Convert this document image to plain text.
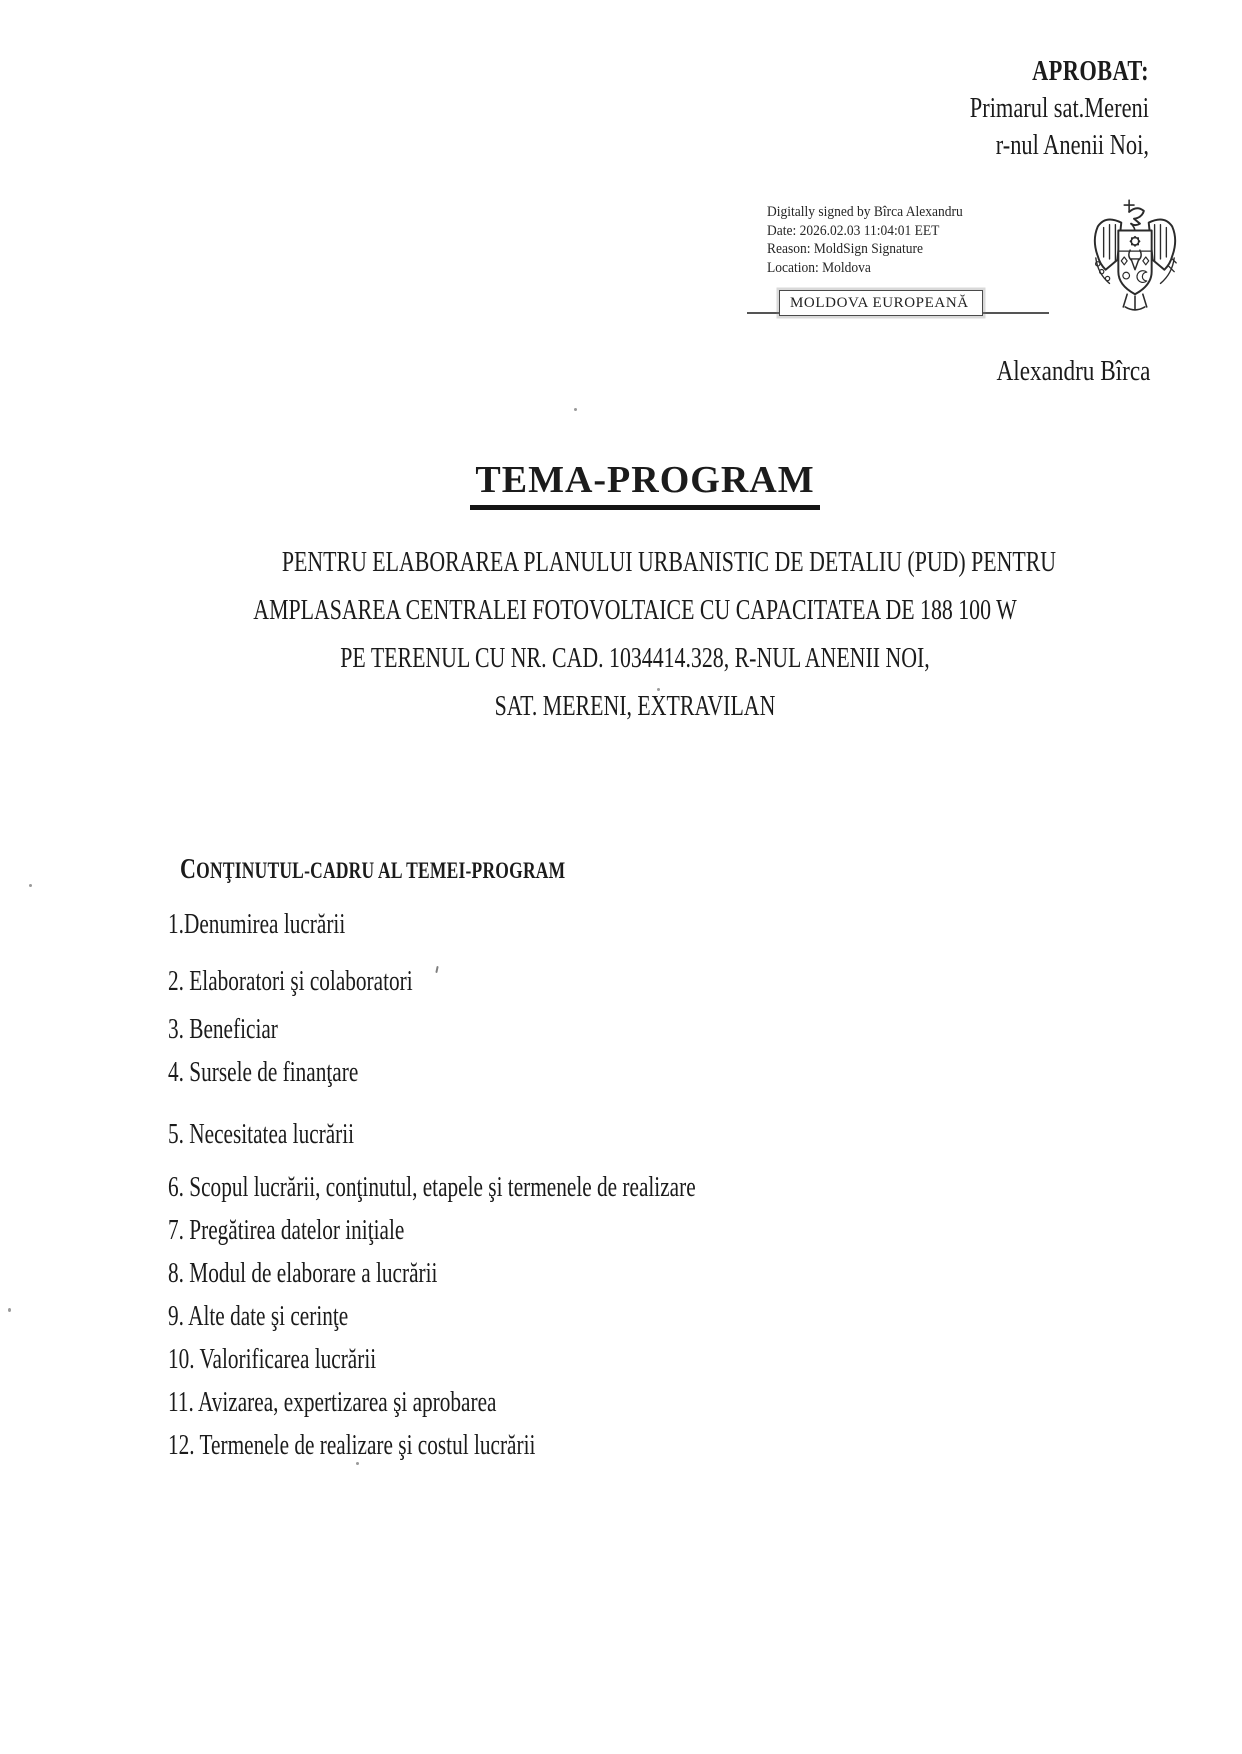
APROBAT:
Primarul sat.Mereni
r-nul Anenii Noi,
Digitally signed by Bîrca Alexandru
Date: 2026.02.03 11:04:01 EET
Reason: MoldSign Signature
Location: Moldova
MOLDOVA EUROPEANĂ
Alexandru Bîrca
TEMA-PROGRAM
PENTRU ELABORAREA PLANULUI URBANISTIC DE DETALIU (PUD) PENTRU
AMPLASAREA CENTRALEI FOTOVOLTAICE CU CAPACITATEA DE 188 100 W
PE TERENUL CU NR. CAD. 1034414.328, R-NUL ANENII NOI,
SAT. MERENI, EXTRAVILAN
CONŢINUTUL-CADRU AL TEMEI-PROGRAM
1.Denumirea lucrării
2. Elaboratori şi colaboratori
3. Beneficiar
4. Sursele de finanţare
5. Necesitatea lucrării
6. Scopul lucrării, conţinutul, etapele şi termenele de realizare
7. Pregătirea datelor iniţiale
8. Modul de elaborare a lucrării
9. Alte date şi cerinţe
10. Valorificarea lucrării
11. Avizarea, expertizarea şi aprobarea
12. Termenele de realizare şi costul lucrării
